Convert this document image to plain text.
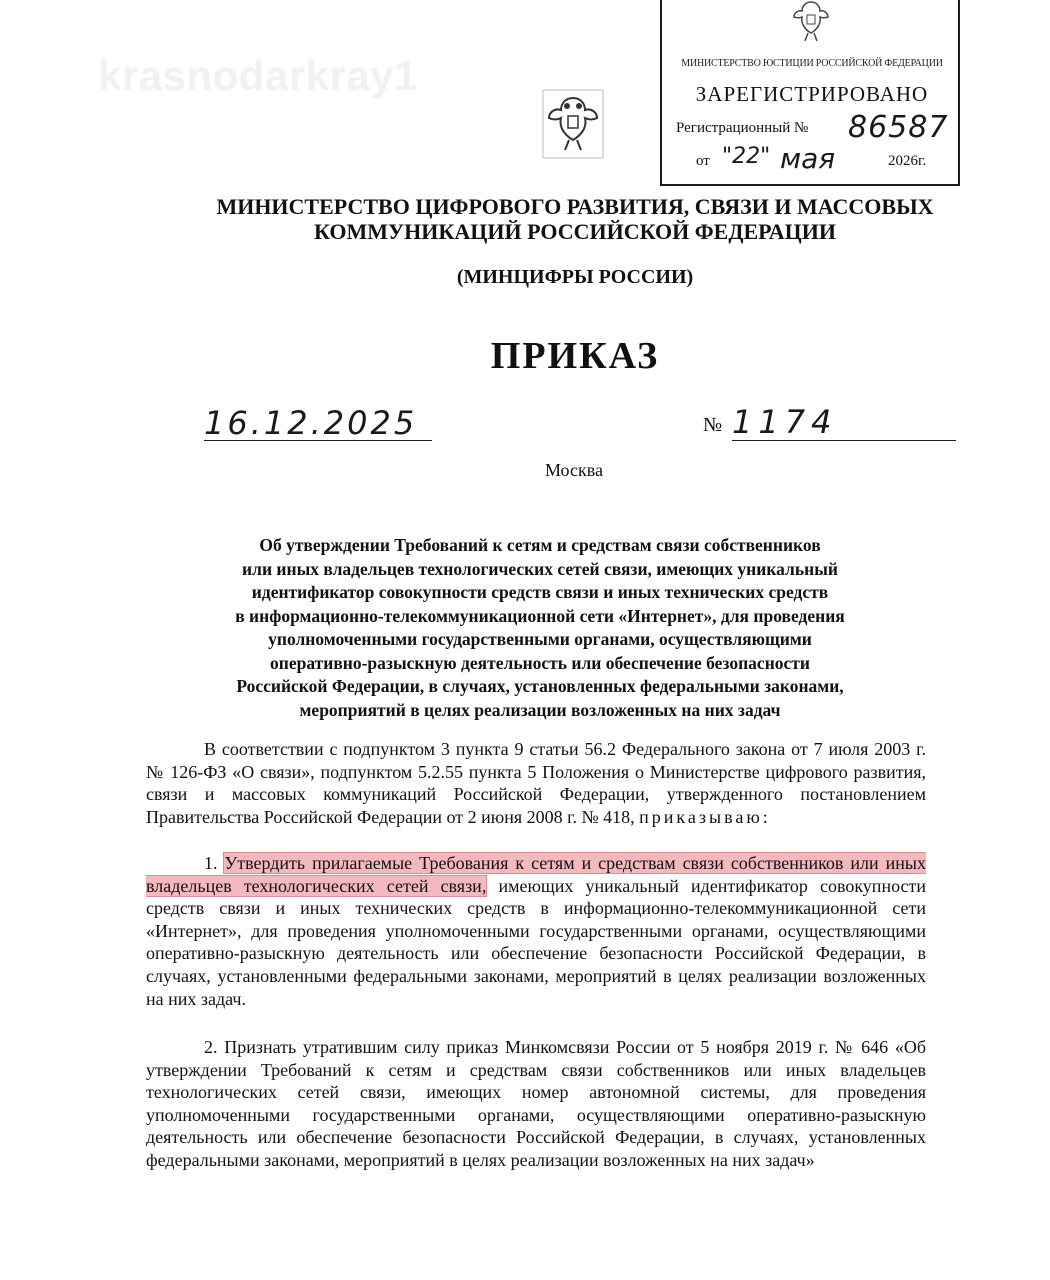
krasnodarkray1	МИНИСТЕРСТВО ЮСТИЦИИ РОССИЙСКОЙ ФЕДЕРАЦИИ
ЗАРЕГИСТРИРОВАНО
Регистрационный № 86587
от "22" мая	2026г.
МИНИСТЕРСТВО ЦИФРОВОГО РАЗВИТИЯ, СВЯЗИ И МАССОВЫХ
КОММУНИКАЦИЙ РОССИЙСКОЙ ФЕДЕРАЦИИ
(МИНЦИФРЫ РОССИИ)
ПРИКАЗ
16.12.2025	№ 1174
Москва
Об утверждении Требований к сетям и средствам связи собственников
или иных владельцев технологических сетей связи, имеющих уникальный
идентификатор совокупности средств связи и иных технических средств
в информационно-телекоммуникационной сети «Интернет», для проведения
уполномоченными государственными органами, осуществляющими
оперативно-разыскную деятельность или обеспечение безопасности
Российской Федерации, в случаях, установленных федеральными законами,
мероприятий в целях реализации возложенных на них задач
В соответствии с подпунктом 3 пункта 9 статьи 56.2 Федерального закона от 7 июля 2003 г. № 126-ФЗ «О связи», подпунктом 5.2.55 пункта 5 Положения о Министерстве цифрового развития, связи и массовых коммуникаций Российской Федерации, утвержденного постановлением Правительства Российской Федерации от 2 июня 2008 г. № 418, приказываю:
1. Утвердить прилагаемые Требования к сетям и средствам связи собственников или иных владельцев технологических сетей связи, имеющих уникальный идентификатор совокупности средств связи и иных технических средств в информационно-телекоммуникационной сети «Интернет», для проведения уполномоченными государственными органами, осуществляющими оперативно-разыскную деятельность или обеспечение безопасности Российской Федерации, в случаях, установленными федеральными законами, мероприятий в целях реализации возложенных на них задач.
2. Признать утратившим силу приказ Минкомсвязи России от 5 ноября 2019 г. № 646 «Об утверждении Требований к сетям и средствам связи собственников или иных владельцев технологических сетей связи, имеющих номер автономной системы, для проведения уполномоченными государственными органами, осуществляющими оперативно-разыскную деятельность или обеспечение безопасности Российской Федерации, в случаях, установленных федеральными законами, мероприятий в целях реализации возложенных на них задач»
